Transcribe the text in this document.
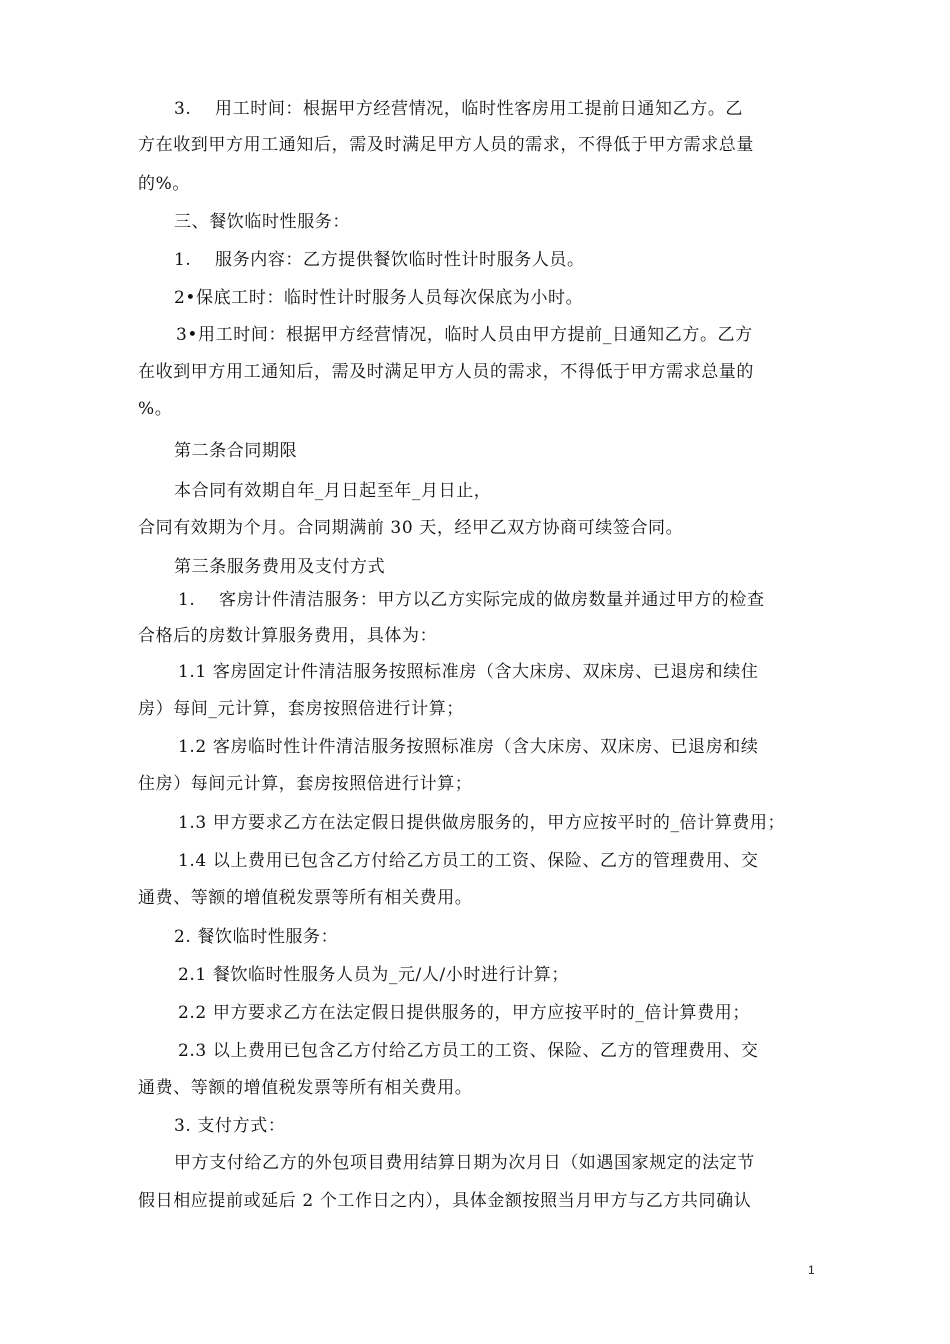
3.　 用工时间：根据甲方经营情况，临时性客房用工提前日通知乙方。乙
方在收到甲方用工通知后，需及时满足甲方人员的需求，不得低于甲方需求总量
的%。
三、餐饮临时性服务：
1.　 服务内容：乙方提供餐饮临时性计时服务人员。
2•保底工时：临时性计时服务人员每次保底为小时。
3•用工时间：根据甲方经营情况，临时人员由甲方提前_日通知乙方。乙方
在收到甲方用工通知后，需及时满足甲方人员的需求，不得低于甲方需求总量的
%。
第二条合同期限
本合同有效期自年_月日起至年_月日止，
合同有效期为个月。合同期满前 30 天，经甲乙双方协商可续签合同。
第三条服务费用及支付方式
1.　 客房计件清洁服务：甲方以乙方实际完成的做房数量并通过甲方的检查
合格后的房数计算服务费用，具体为：
1.1 客房固定计件清洁服务按照标准房（含大床房、双床房、已退房和续住
房）每间_元计算，套房按照倍进行计算；
1.2 客房临时性计件清洁服务按照标准房（含大床房、双床房、已退房和续
住房）每间元计算，套房按照倍进行计算；
1.3 甲方要求乙方在法定假日提供做房服务的，甲方应按平时的_倍计算费用；
1.4 以上费用已包含乙方付给乙方员工的工资、保险、乙方的管理费用、交
通费、等额的增值税发票等所有相关费用。
2. 餐饮临时性服务：
2.1 餐饮临时性服务人员为_元/人/小时进行计算；
2.2 甲方要求乙方在法定假日提供服务的，甲方应按平时的_倍计算费用；
2.3 以上费用已包含乙方付给乙方员工的工资、保险、乙方的管理费用、交
通费、等额的增值税发票等所有相关费用。
3. 支付方式：
甲方支付给乙方的外包项目费用结算日期为次月日（如遇国家规定的法定节
假日相应提前或延后 2 个工作日之内），具体金额按照当月甲方与乙方共同确认
1
